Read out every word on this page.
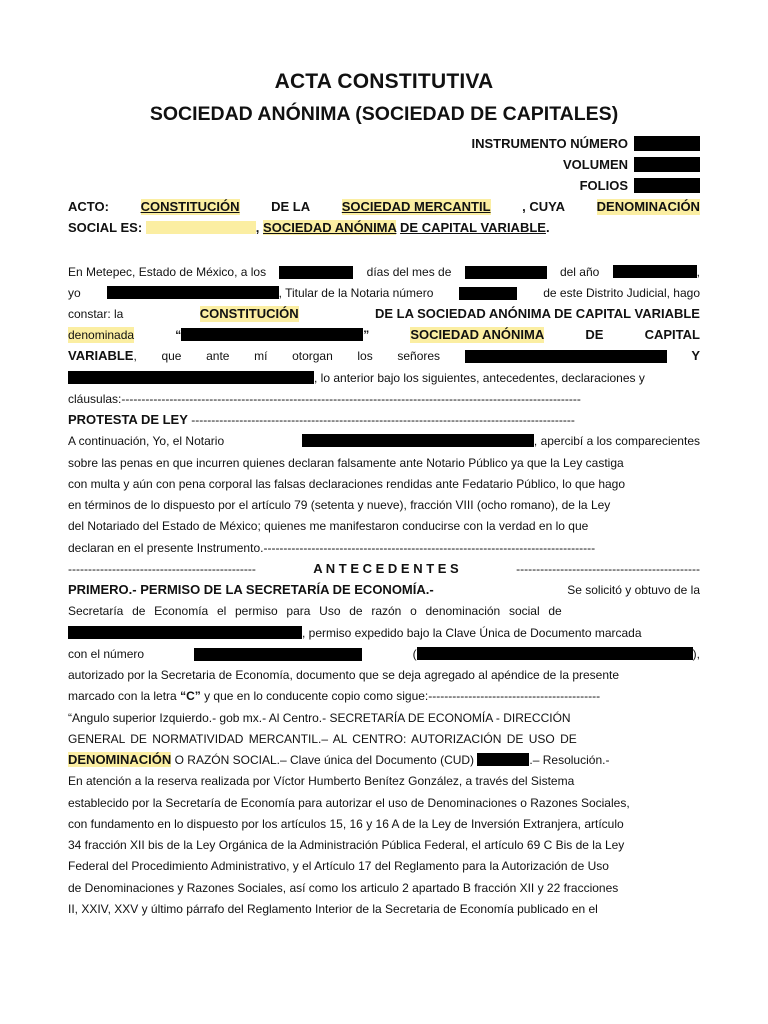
ACTA CONSTITUTIVA
SOCIEDAD ANÓNIMA (SOCIEDAD DE CAPITALES)
INSTRUMENTO NÚMERO
VOLUMEN
FOLIOS
ACTO: CONSTITUCIÓN DE LA SOCIEDAD MERCANTIL , CUYA DENOMINACIÓN
SOCIAL ES:	, SOCIEDAD ANÓNIMA DE CAPITAL VARIABLE.
En Metepec, Estado de México, a los	días del mes de	del año	,
yo	, Titular de la Notaria número	de este Distrito Judicial, hago
constar: la	CONSTITUCIÓN	DE LA SOCIEDAD ANÓNIMA DE CAPITAL VARIABLE
denominada	“	”	SOCIEDAD ANÓNIMA	DE	CAPITAL
VARIABLE, que ante mí otorgan los señores	Y
, lo anterior bajo los siguientes, antecedentes, declaraciones y
cláusulas:-------------------------------------------------------------------------------------------------------------------
PROTESTA DE LEY ------------------------------------------------------------------------------------------------
A continuación, Yo, el Notario	, apercibí a los comparecientes
sobre las penas en que incurren quienes declaran falsamente ante Notario Público ya que la Ley castiga
con multa y aún con pena corporal las falsas declaraciones rendidas ante Fedatario Público, lo que hago
en términos de lo dispuesto por el artículo 79 (setenta y nueve), fracción VIII (ocho romano), de la Ley
del Notariado del Estado de México; quienes me manifestaron conducirse con la verdad en lo que
declaran en el presente Instrumento.-----------------------------------------------------------------------------------
-----------------------------------------------	A N T E C E D E N T E S	----------------------------------------------
PRIMERO.- PERMISO DE LA SECRETARÍA DE ECONOMÍA.-	Se solicitó y obtuvo de la
Secretaría de Economía el permiso para Uso de razón o denominación social de
, permiso expedido bajo la Clave Única de Documento marcada
con el número	(	),
autorizado por la Secretaria de Economía, documento que se deja agregado al apéndice de la presente
marcado con la letra “C” y que en lo conducente copio como sigue:-------------------------------------------
“Angulo superior Izquierdo.- gob mx.- Al Centro.- SECRETARÍA DE ECONOMÍA - DIRECCIÓN
GENERAL DE NORMATIVIDAD MERCANTIL.– AL CENTRO: AUTORIZACIÓN DE USO DE
DENOMINACIÓN O RAZÓN SOCIAL.– Clave única del Documento (CUD)	.– Resolución.-
En atención a la reserva realizada por Víctor Humberto Benítez González, a través del Sistema
establecido por la Secretaría de Economía para autorizar el uso de Denominaciones o Razones Sociales,
con fundamento en lo dispuesto por los artículos 15, 16 y 16 A de la Ley de Inversión Extranjera, artículo
34 fracción XII bis de la Ley Orgánica de la Administración Pública Federal, el artículo 69 C Bis de la Ley
Federal del Procedimiento Administrativo, y el Artículo 17 del Reglamento para la Autorización de Uso
de Denominaciones y Razones Sociales, así como los articulo 2 apartado B fracción XII y 22 fracciones
II, XXIV, XXV y último párrafo del Reglamento Interior de la Secretaria de Economía publicado en el
